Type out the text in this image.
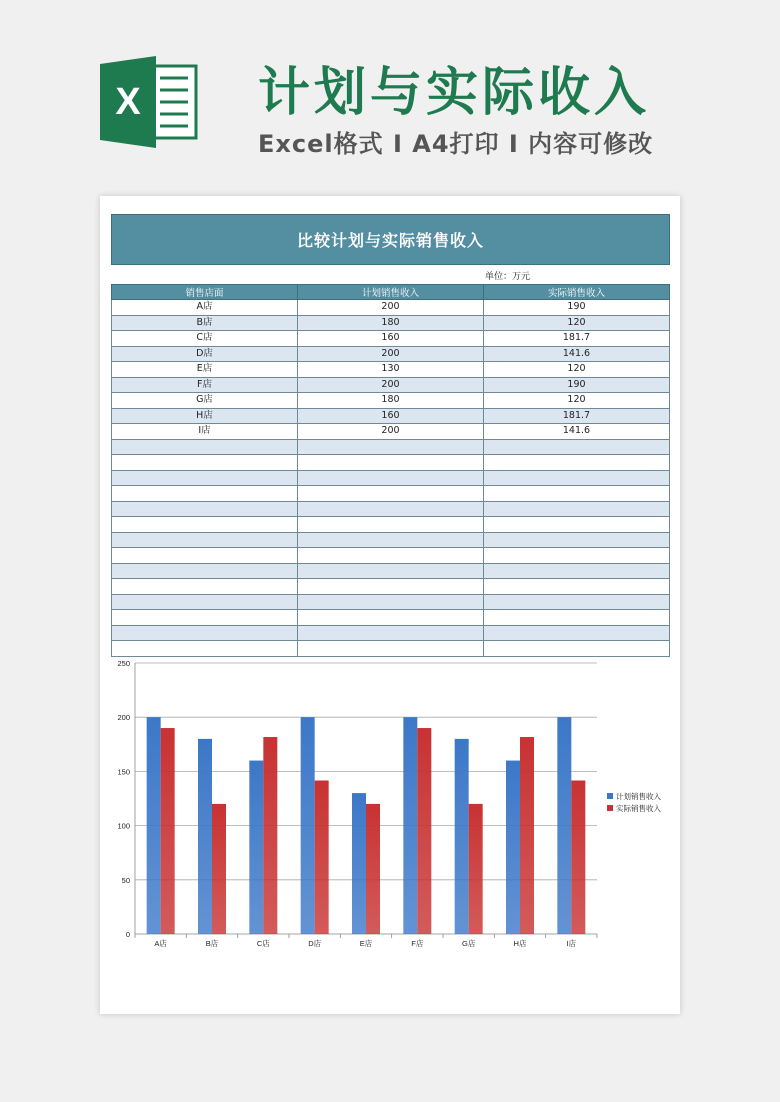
X 计划与实际收入
Excel格式 I A4打印 I 内容可修改
比较计划与实际销售收入
单位：万元
销售店面	计划销售收入	实际销售收入
A店	200	190
B店	180	120
C店	160	181.7
D店	200	141.6
E店	130	120
F店	200	190
G店	180	120
H店	160	181.7
I店	200	141.6

0
50
100
150
200
250
A店	B店	C店	D店	E店	F店	G店	H店	I店
计划销售收入
实际销售收入
